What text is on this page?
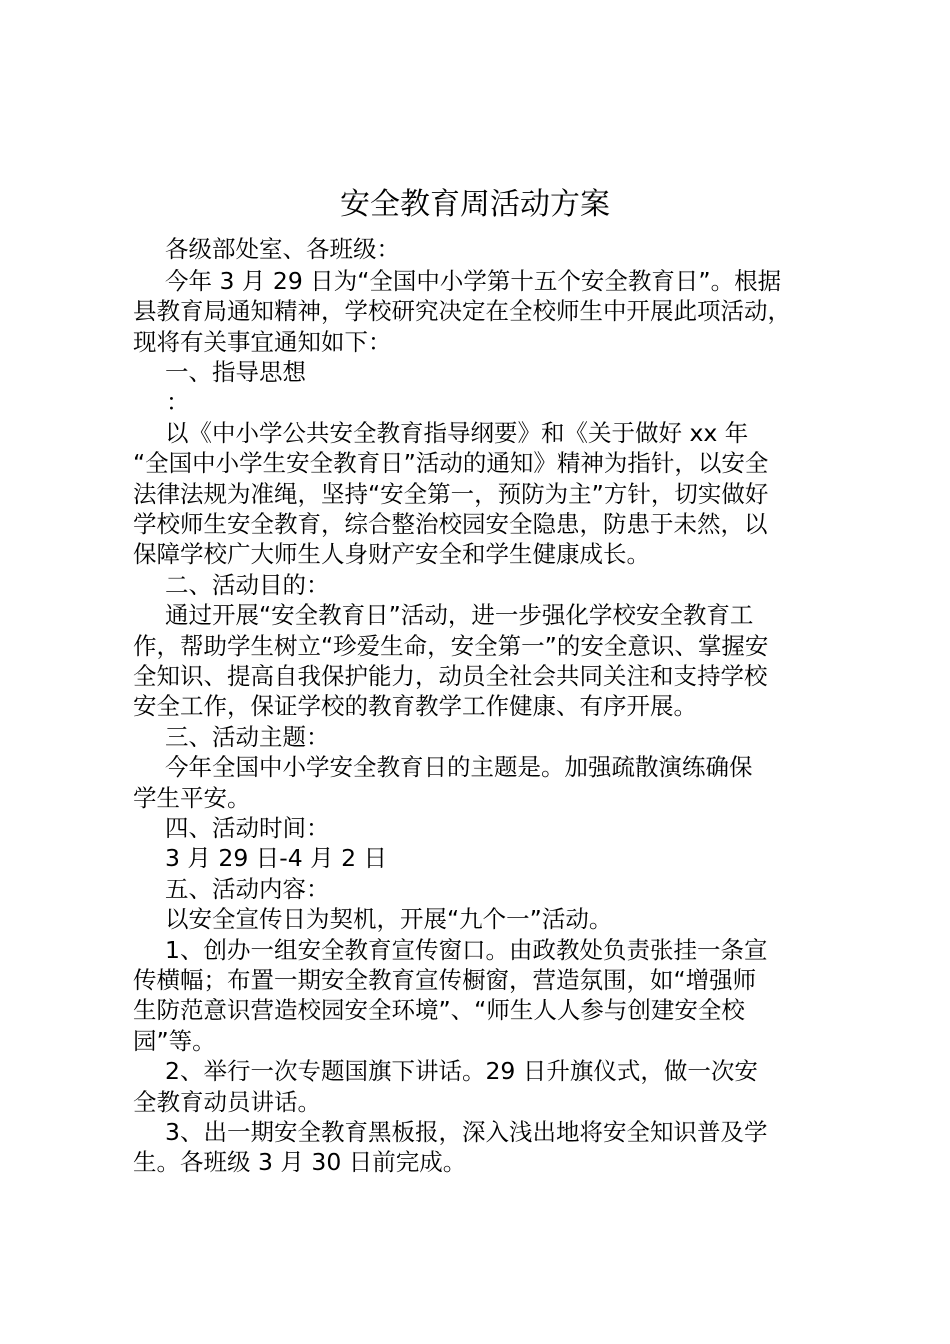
安全教育周活动方案
各级部处室、各班级：
今年 3 月 29 日为“全国中小学第十五个安全教育日”。根据
县教育局通知精神，学校研究决定在全校师生中开展此项活动，
现将有关事宜通知如下：
一、指导思想
：
以《中小学公共安全教育指导纲要》和《关于做好 xx 年
“全国中小学生安全教育日”活动的通知》精神为指针，以安全
法律法规为准绳，坚持“安全第一，预防为主”方针，切实做好
学校师生安全教育，综合整治校园安全隐患，防患于未然，以
保障学校广大师生人身财产安全和学生健康成长。
二、活动目的：
通过开展“安全教育日”活动，进一步强化学校安全教育工
作，帮助学生树立“珍爱生命，安全第一”的安全意识、掌握安
全知识、提高自我保护能力，动员全社会共同关注和支持学校
安全工作，保证学校的教育教学工作健康、有序开展。
三、活动主题：
今年全国中小学安全教育日的主题是。加强疏散演练确保
学生平安。
四、活动时间：
3 月 29 日-4 月 2 日
五、活动内容：
以安全宣传日为契机，开展“九个一”活动。
1、创办一组安全教育宣传窗口。由政教处负责张挂一条宣
传横幅；布置一期安全教育宣传橱窗，营造氛围，如“增强师
生防范意识营造校园安全环境”、“师生人人参与创建安全校
园”等。
2、举行一次专题国旗下讲话。29 日升旗仪式，做一次安
全教育动员讲话。
3、出一期安全教育黑板报，深入浅出地将安全知识普及学
生。各班级 3 月 30 日前完成。
